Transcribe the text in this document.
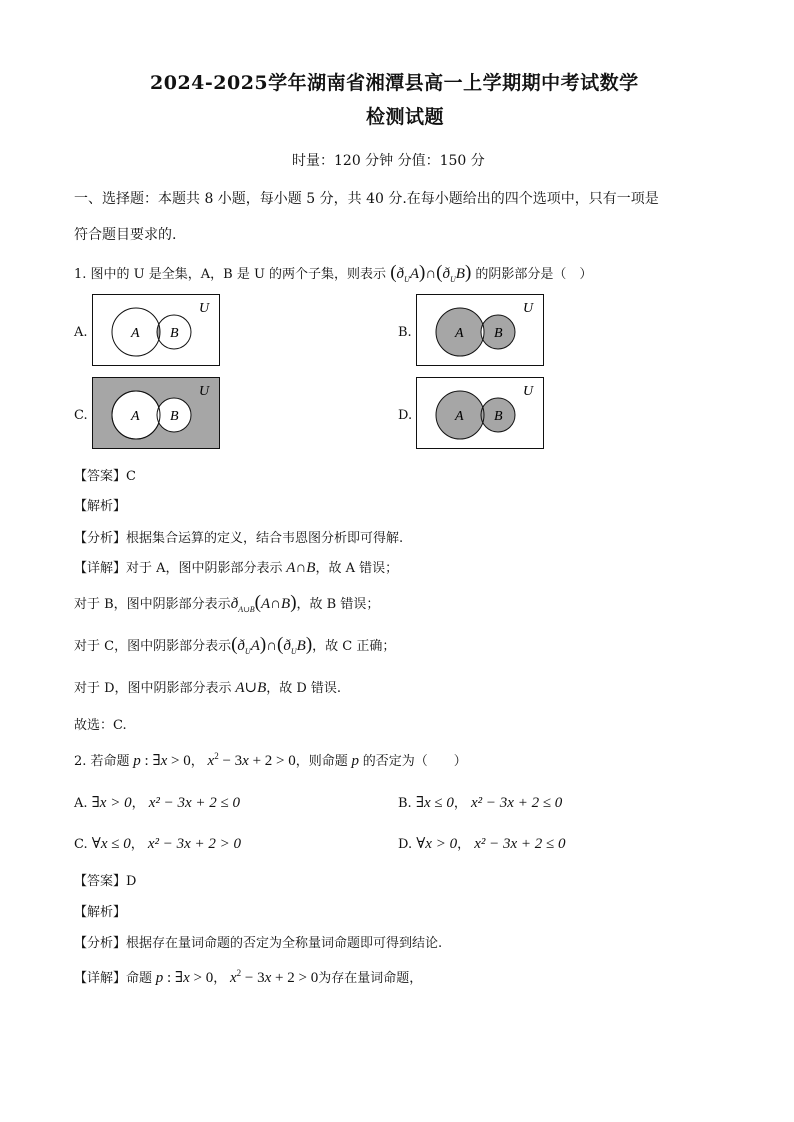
2024-2025学年湖南省湘潭县高一上学期期中考试数学
检测试题
时量：120 分钟 分值：150 分
一、选择题：本题共 8 小题，每小题 5 分，共 40 分.在每小题给出的四个选项中，只有一项是
符合题目要求的.
1. 图中的 U 是全集，A，B 是 U 的两个子集，则表示 $(ð_UA)\cap(ð_UB)$ 的阴影部分是（　）
A.	B.
C.	D.
U
A B
U
A B
U
A B
U
A B
【答案】C
【解析】
【分析】根据集合运算的定义，结合韦恩图分析即可得解.
【详解】对于 A，图中阴影部分表示 A∩B，故 A 错误；
对于 B，图中阴影部分表示$ð_{A\cup B}(A\cap B)$，故 B 错误；
对于 C，图中阴影部分表示$(ð_UA)\cap(ð_UB)$，故 C 正确；
对于 D，图中阴影部分表示 A∪B，故 D 错误.
故选：C.
2. 若命题 p : ∃x > 0， $x^2 - 3x + 2 > 0$，则命题 p 的否定为（　　）
A. ∃x > 0， x² − 3x + 2 ≤ 0	B. ∃x ≤ 0， x² − 3x + 2 ≤ 0
C. ∀x ≤ 0， x² − 3x + 2 > 0	D. ∀x > 0， x² − 3x + 2 ≤ 0
【答案】D
【解析】
【分析】根据存在量词命题的否定为全称量词命题即可得到结论.
【详解】命题 p : ∃x > 0， $x^2 - 3x + 2 > 0$为存在量词命题，
